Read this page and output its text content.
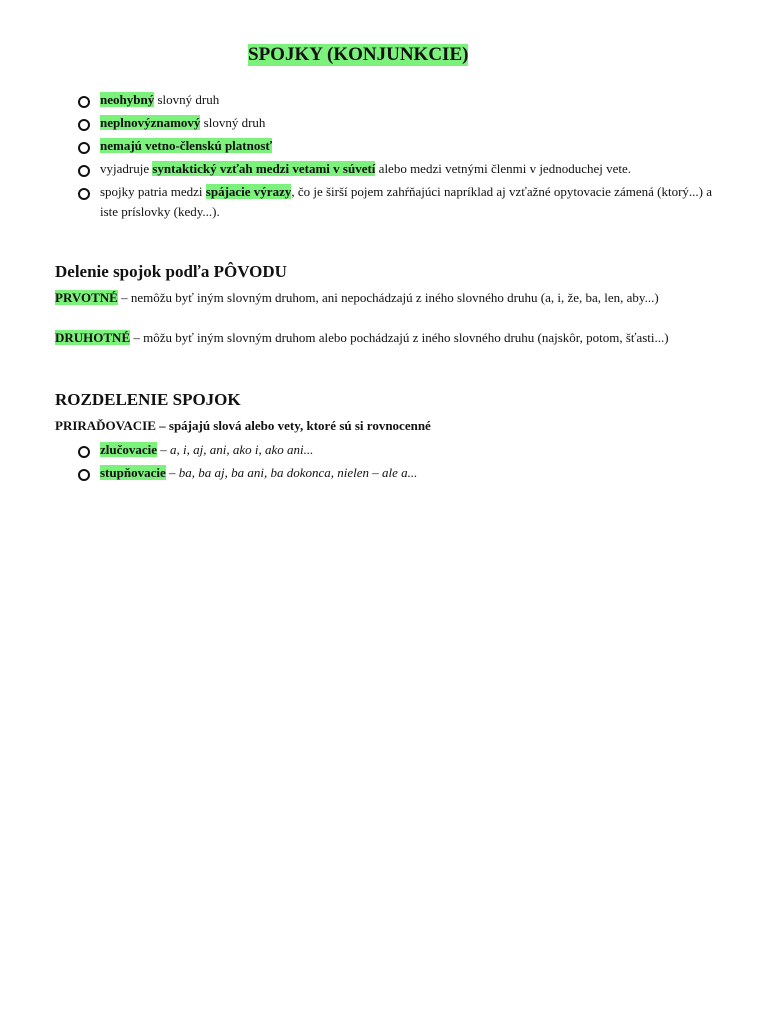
SPOJKY (KONJUNKCIE)
neohybný slovný druh
neplnovýznamový slovný druh
nemajú vetno-členskú platnosť
vyjadruje syntaktický vzťah medzi vetami v súvetí alebo medzi vetnými členmi v jednoduchej vete.
spojky patria medzi spájacie výrazy, čo je širší pojem zahŕňajúci napríklad aj vzťažné opytovacie zámená (ktorý...) a iste príslovky (kedy...).
Delenie spojok podľa PÔVODU
PRVOTNÉ – nemôžu byť iným slovným druhom, ani nepochádzajú z iného slovného druhu (a, i, že, ba, len, aby...)
DRUHOTNÉ – môžu byť iným slovným druhom alebo pochádzajú z iného slovného druhu (najskôr, potom, šťasti...)
ROZDELENIE SPOJOK
PRIRAĎOVACIE – spájajú slová alebo vety, ktoré sú si rovnocenné
zlučovacie – a, i, aj, ani, ako i, ako ani...
stupňovacie – ba, ba aj, ba ani, ba dokonca, nielen – ale a...
